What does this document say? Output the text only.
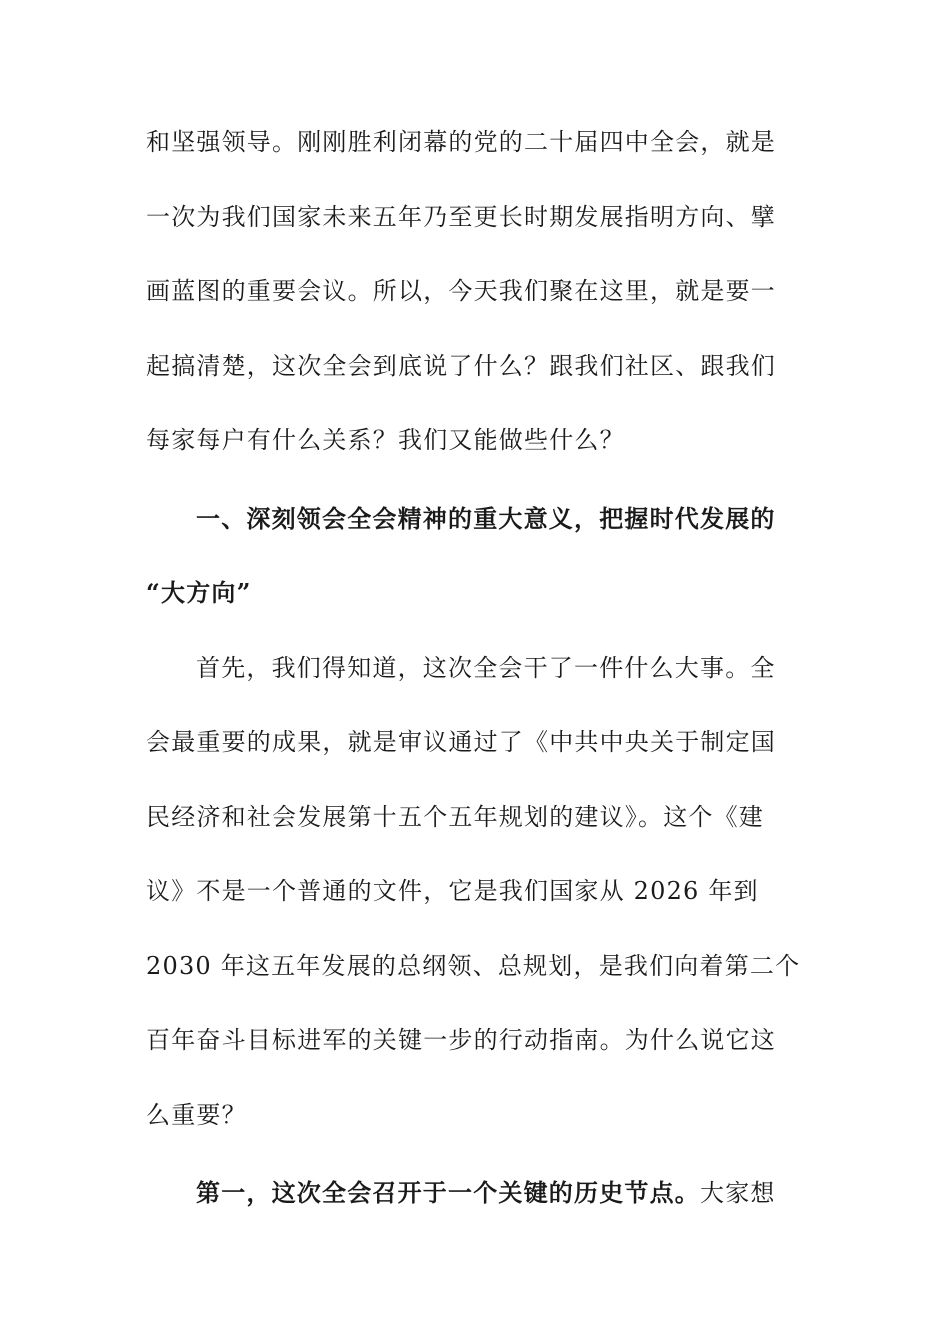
和坚强领导。刚刚胜利闭幕的党的二十届四中全会，就是
一次为我们国家未来五年乃至更长时期发展指明方向、擘
画蓝图的重要会议。所以，今天我们聚在这里，就是要一
起搞清楚，这次全会到底说了什么？跟我们社区、跟我们
每家每户有什么关系？我们又能做些什么？
一、深刻领会全会精神的重大意义，把握时代发展的
“大方向”
首先，我们得知道，这次全会干了一件什么大事。全
会最重要的成果，就是审议通过了《中共中央关于制定国
民经济和社会发展第十五个五年规划的建议》。这个《建
议》不是一个普通的文件，它是我们国家从 2026 年到
2030 年这五年发展的总纲领、总规划，是我们向着第二个
百年奋斗目标进军的关键一步的行动指南。为什么说它这
么重要？
第一，这次全会召开于一个关键的历史节点。大家想
